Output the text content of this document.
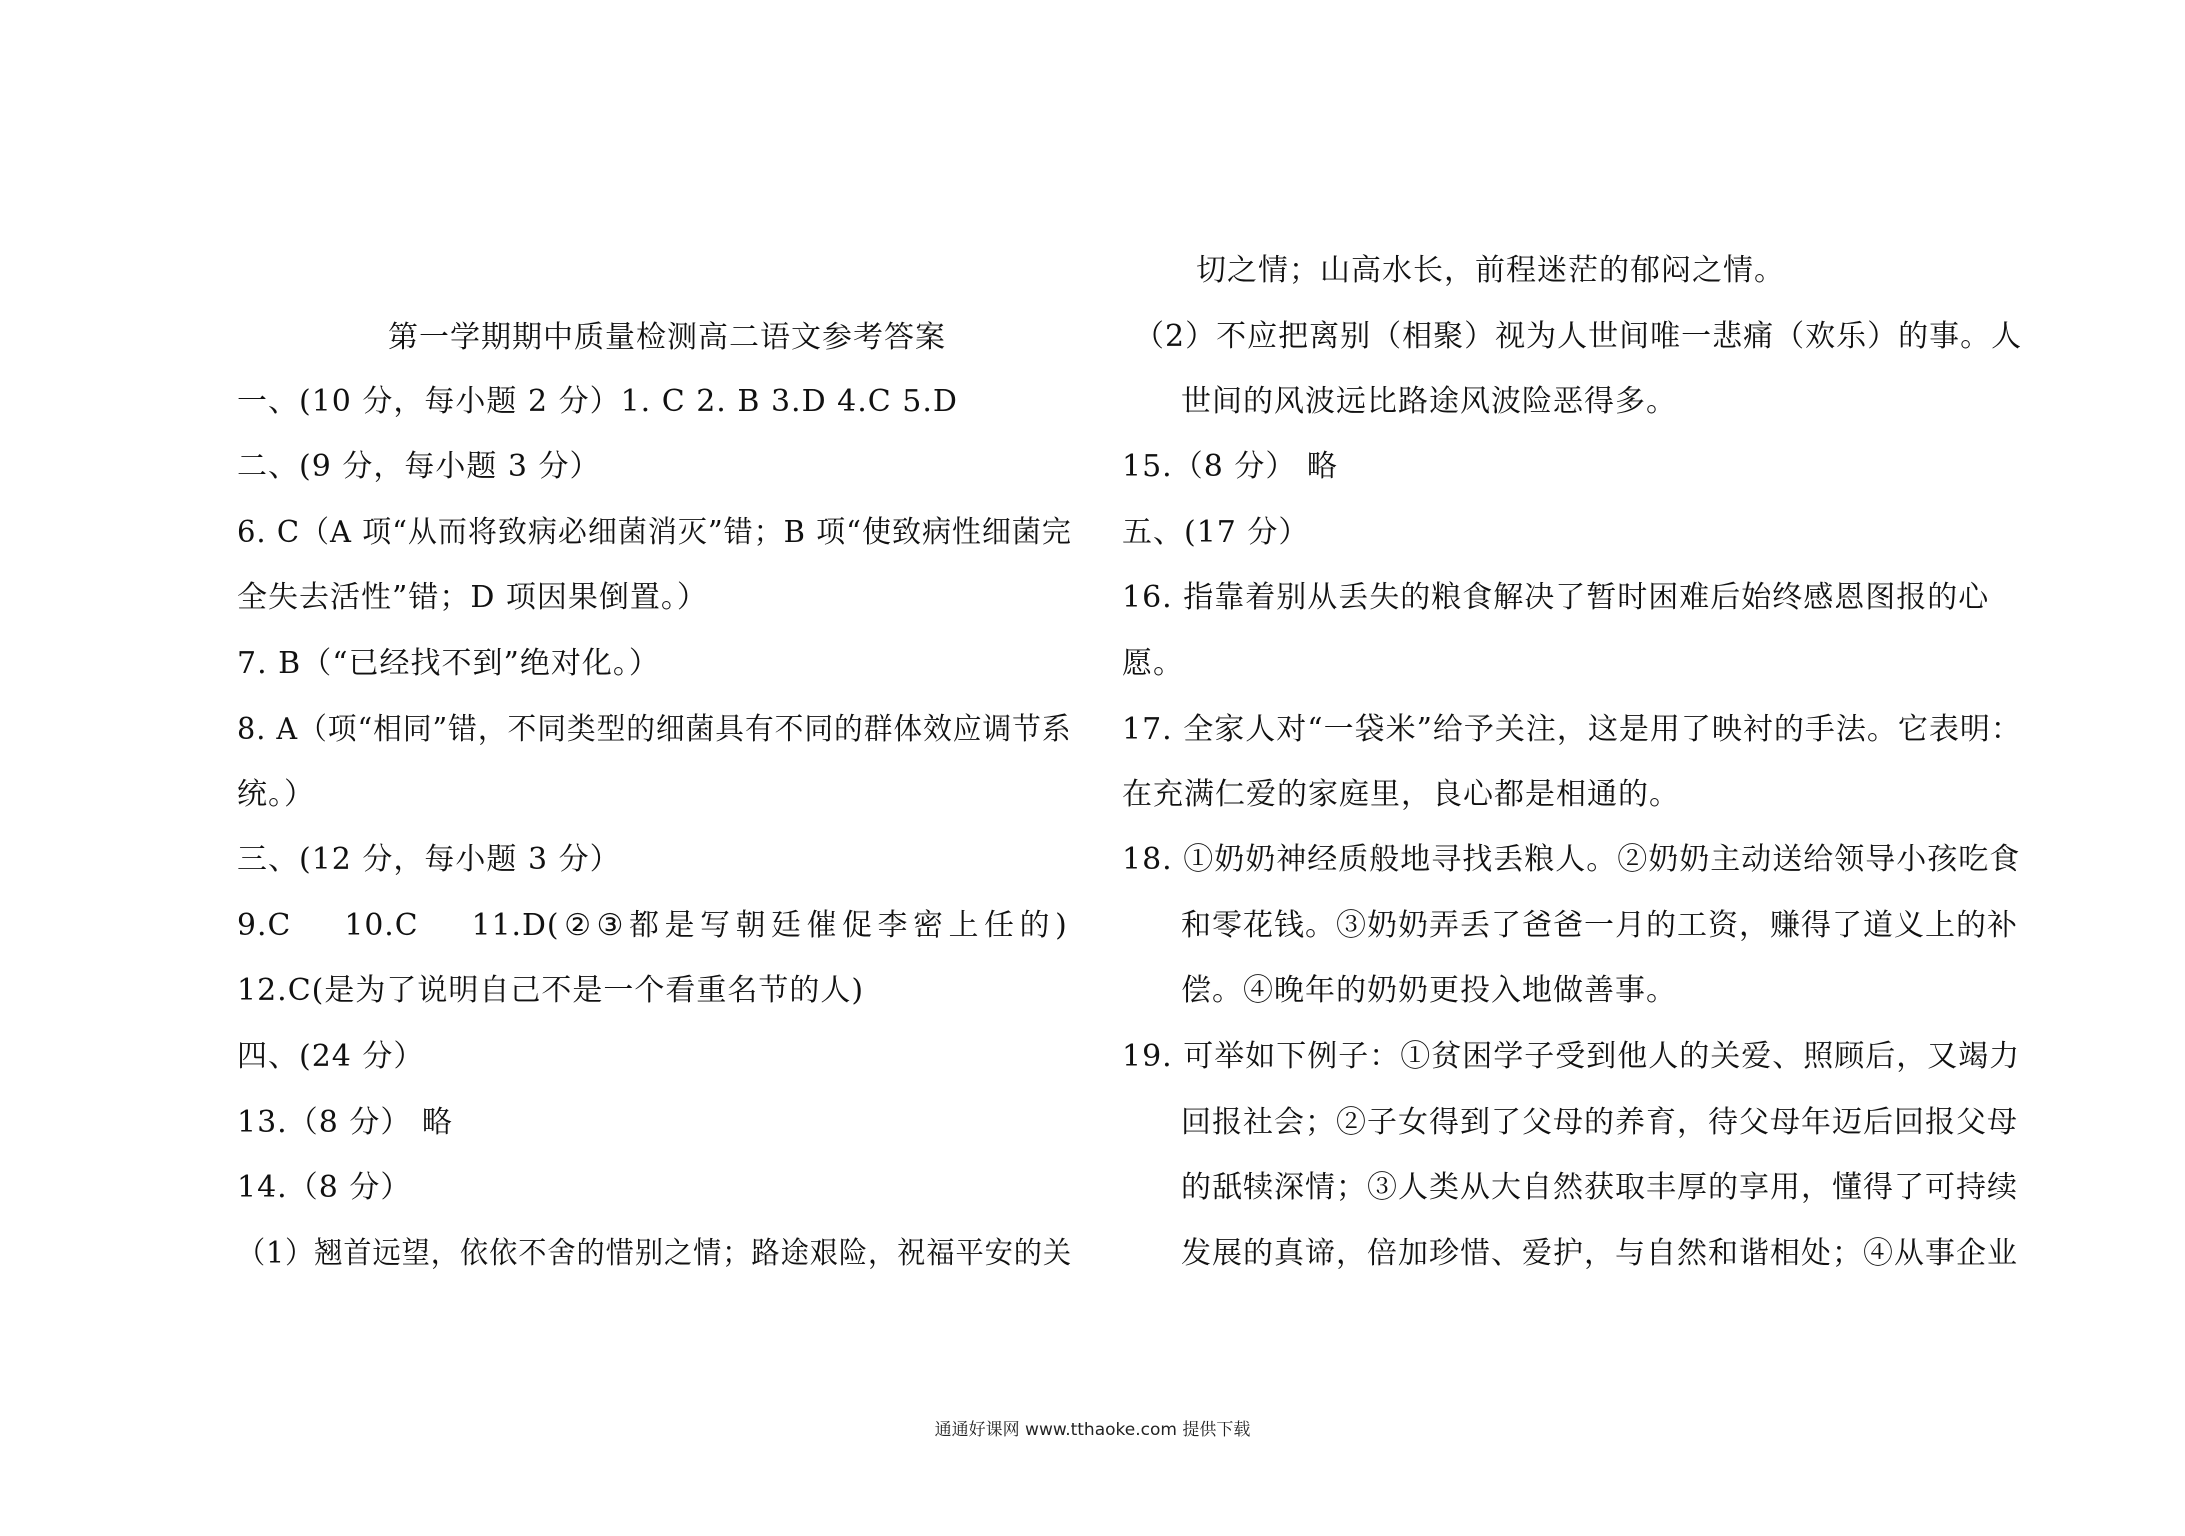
第一学期期中质量检测高二语文参考答案
一、(10 分，每小题 2 分）1. C 2. B 3.D 4.C 5.D
二、(9 分，每小题 3 分）
6. C（A 项“从而将致病必细菌消灭”错；B 项“使致病性细菌完
全失去活性”错；D 项因果倒置。）
7. B（“已经找不到”绝对化。）
8. A（项“相同”错，不同类型的细菌具有不同的群体效应调节系
统。）
三、(12 分，每小题 3 分）
9.C 10.C 11.D( ② ③ 都 是 写 朝 廷 催 促 李 密 上 任 的 )
12.C(是为了说明自己不是一个看重名节的人)
四、(24 分）
13.（8 分） 略
14.（8 分）
（1）翘首远望，依依不舍的惜别之情；路途艰险，祝福平安的关
切之情；山高水长，前程迷茫的郁闷之情。
（2）不应把离别（相聚）视为人世间唯一悲痛（欢乐）的事。人
世间的风波远比路途风波险恶得多。
15.（8 分） 略
五、(17 分）
16. 指靠着别从丢失的粮食解决了暂时困难后始终感恩图报的心
愿。
17. 全家人对“一袋米”给予关注，这是用了映衬的手法。它表明：
在充满仁爱的家庭里，良心都是相通的。
18. ①奶奶神经质般地寻找丢粮人。②奶奶主动送给领导小孩吃食
和零花钱。③奶奶弄丢了爸爸一月的工资，赚得了道义上的补
偿。④晚年的奶奶更投入地做善事。
19. 可举如下例子：①贫困学子受到他人的关爱、照顾后，又竭力
回报社会；②子女得到了父母的养育，待父母年迈后回报父母
的舐犊深情；③人类从大自然获取丰厚的享用，懂得了可持续
发展的真谛，倍加珍惜、爱护，与自然和谐相处；④从事企业
通通好课网 www.tthaoke.com 提供下载
